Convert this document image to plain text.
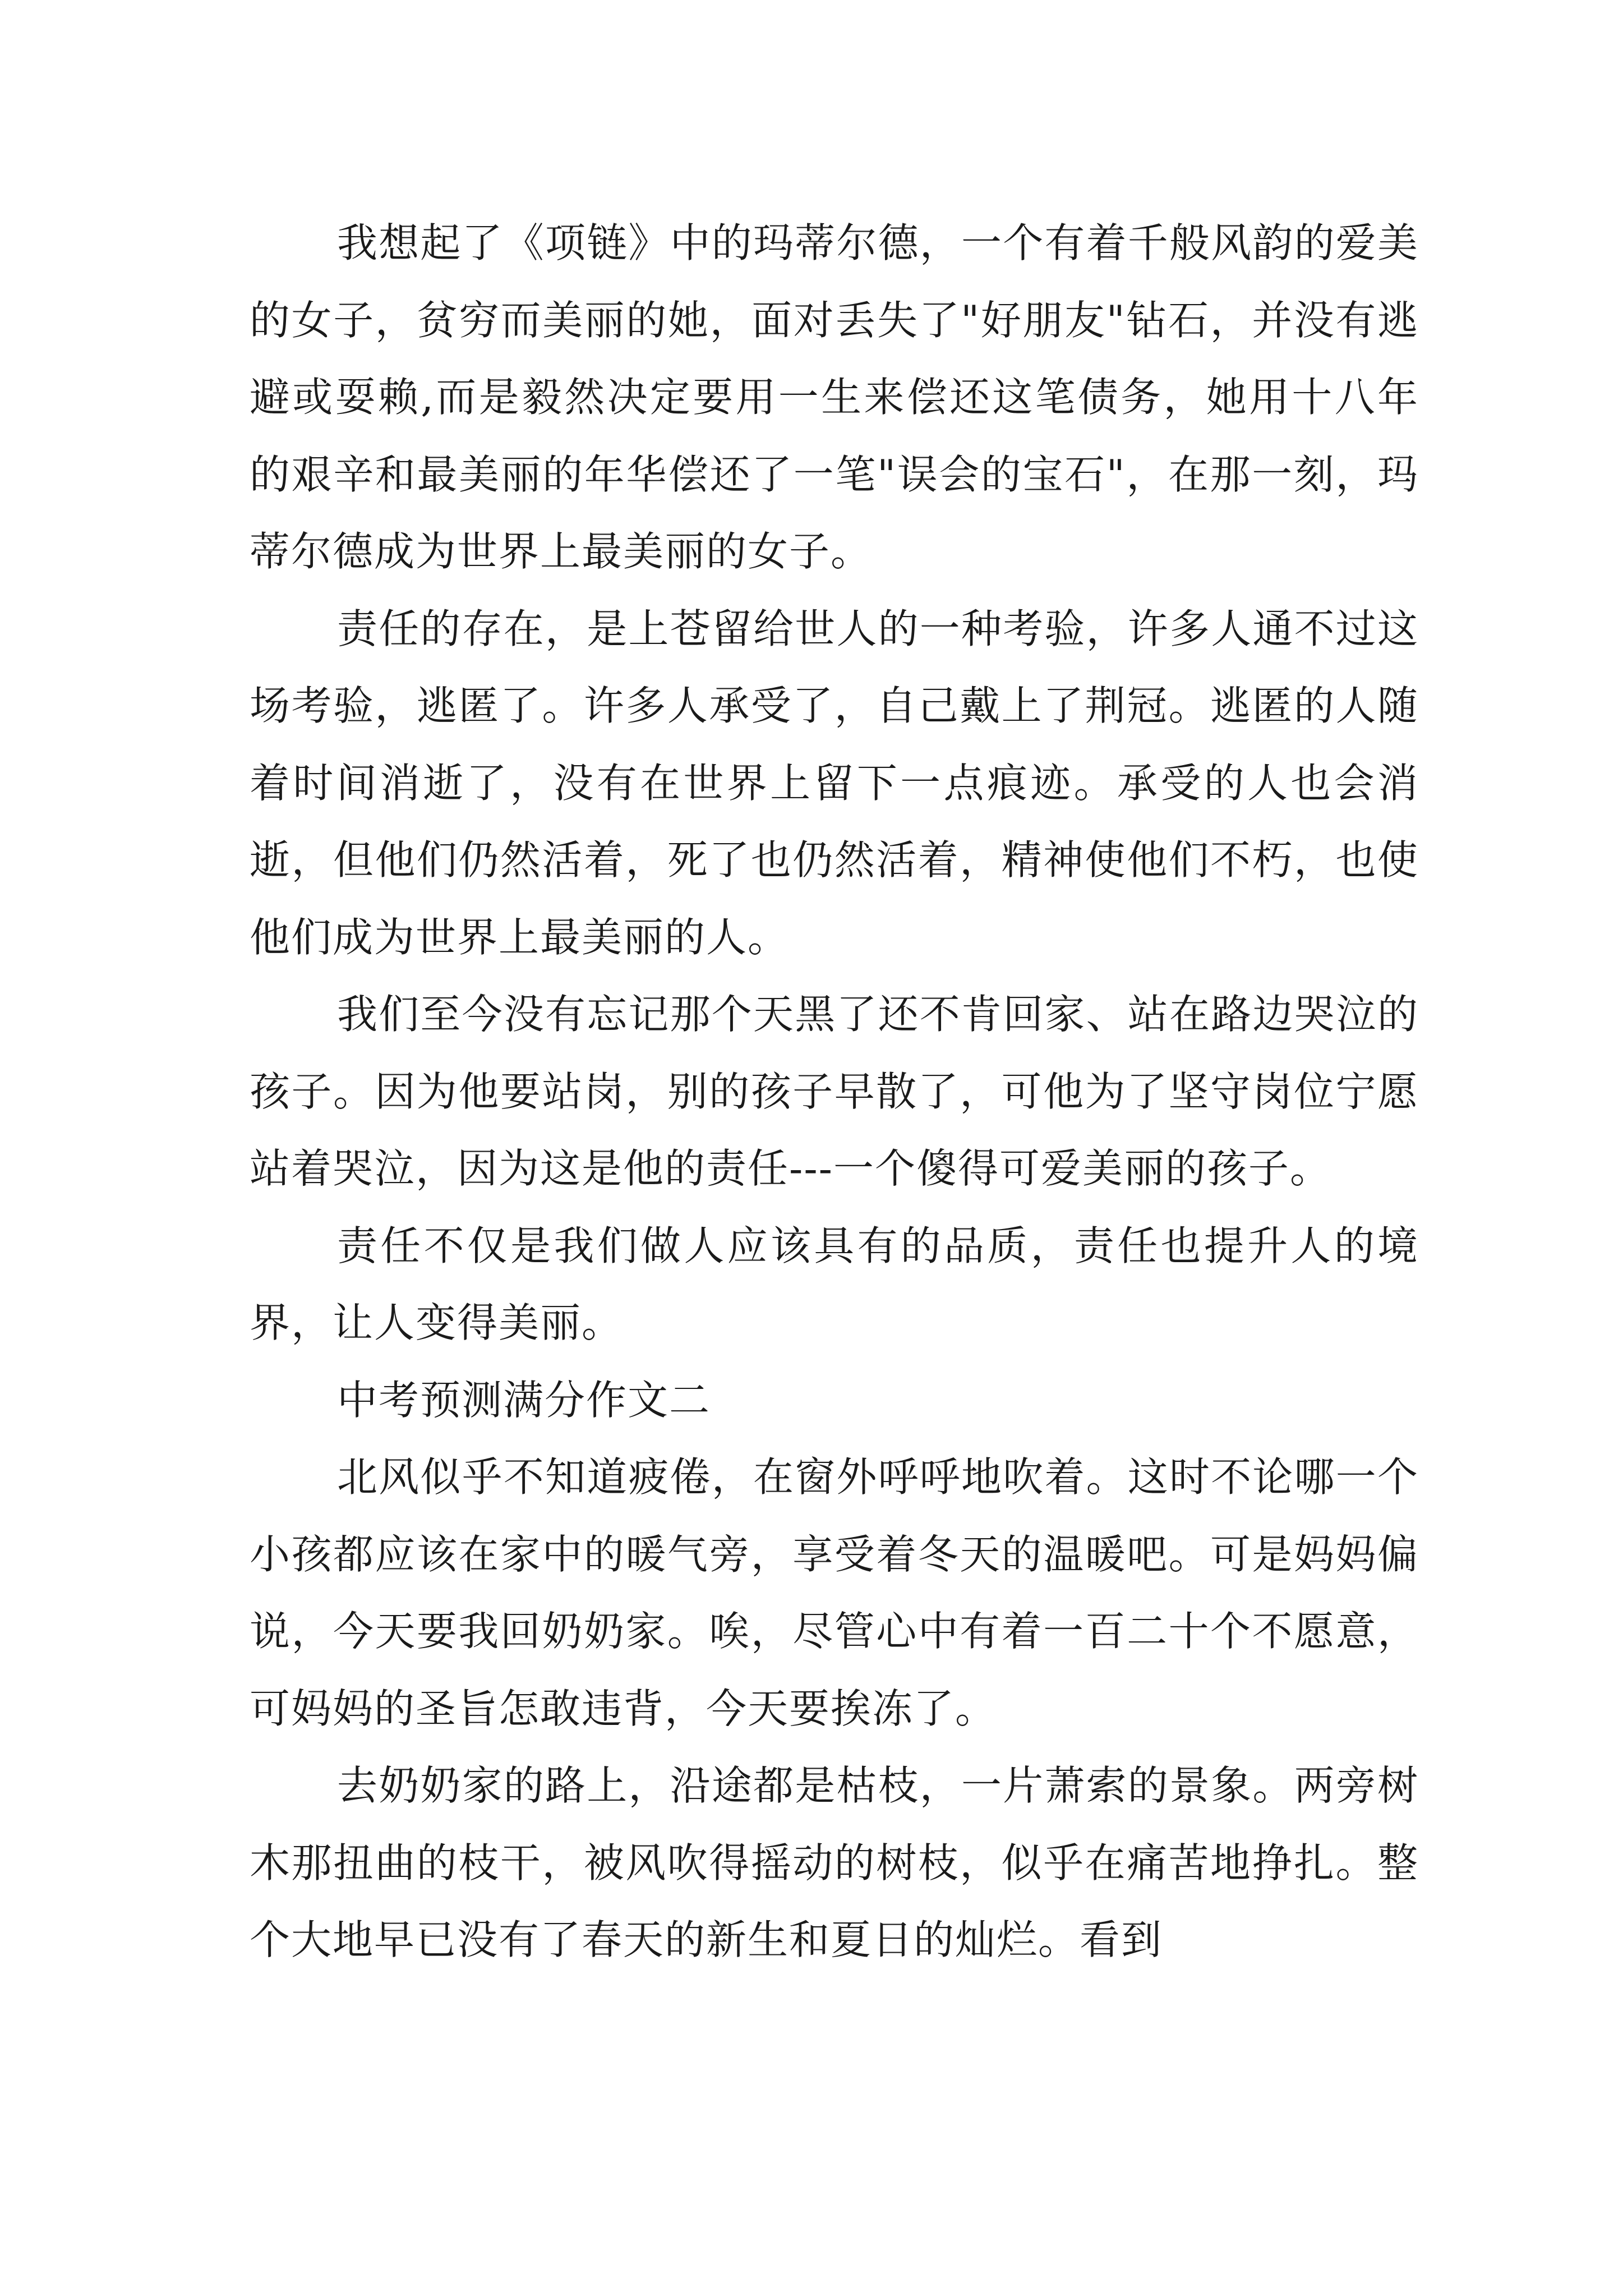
我想起了《项链》中的玛蒂尔德，一个有着千般风韵的爱美的女子，贫穷而美丽的她，面对丢失了"好朋友"钻石，并没有逃避或耍赖,而是毅然决定要用一生来偿还这笔债务，她用十八年的艰辛和最美丽的年华偿还了一笔"误会的宝石"，在那一刻，玛蒂尔德成为世界上最美丽的女子。

责任的存在，是上苍留给世人的一种考验，许多人通不过这场考验，逃匿了。许多人承受了，自己戴上了荆冠。逃匿的人随着时间消逝了，没有在世界上留下一点痕迹。承受的人也会消逝，但他们仍然活着，死了也仍然活着，精神使他们不朽，也使他们成为世界上最美丽的人。

我们至今没有忘记那个天黑了还不肯回家、站在路边哭泣的孩子。因为他要站岗，别的孩子早散了，可他为了坚守岗位宁愿站着哭泣，因为这是他的责任---一个傻得可爱美丽的孩子。

责任不仅是我们做人应该具有的品质，责任也提升人的境界，让人变得美丽。

中考预测满分作文二

北风似乎不知道疲倦，在窗外呼呼地吹着。这时不论哪一个小孩都应该在家中的暖气旁，享受着冬天的温暖吧。可是妈妈偏说，今天要我回奶奶家。唉，尽管心中有着一百二十个不愿意，可妈妈的圣旨怎敢违背，今天要挨冻了。

去奶奶家的路上，沿途都是枯枝，一片萧索的景象。两旁树木那扭曲的枝干，被风吹得摇动的树枝，似乎在痛苦地挣扎。整个大地早已没有了春天的新生和夏日的灿烂。看到
